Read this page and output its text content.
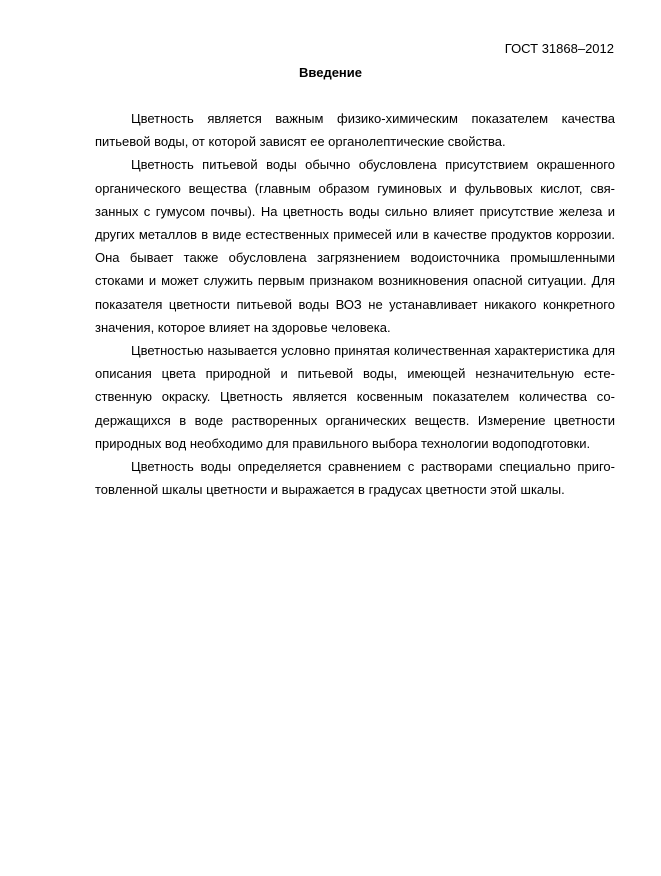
ГОСТ 31868–2012
Введение

Цветность является важным физико-химическим показателем качества питьевой воды, от которой зависят ее органолептические свойства.

Цветность питьевой воды обычно обусловлена присутствием окрашенного органического вещества (главным образом гуминовых и фульвовых кислот, связанных с гумусом почвы). На цветность воды сильно влияет присутствие железа и других металлов в виде естественных примесей или в качестве продуктов коррозии. Она бывает также обусловлена загрязнением водоисточника промышленными стоками и может служить первым признаком возникновения опасной ситуации. Для показателя цветности питьевой воды ВОЗ не устанавливает никакого конкретного значения, которое влияет на здоровье человека.

Цветностью называется условно принятая количественная характеристика для описания цвета природной и питьевой воды, имеющей незначительную естественную окраску. Цветность является косвенным показателем количества содержащихся в воде растворенных органических веществ. Измерение цветности природных вод необходимо для правильного выбора технологии водоподготовки.

Цветность воды определяется сравнением с растворами специально приготовленной шкалы цветности и выражается в градусах цветности этой шкалы.
